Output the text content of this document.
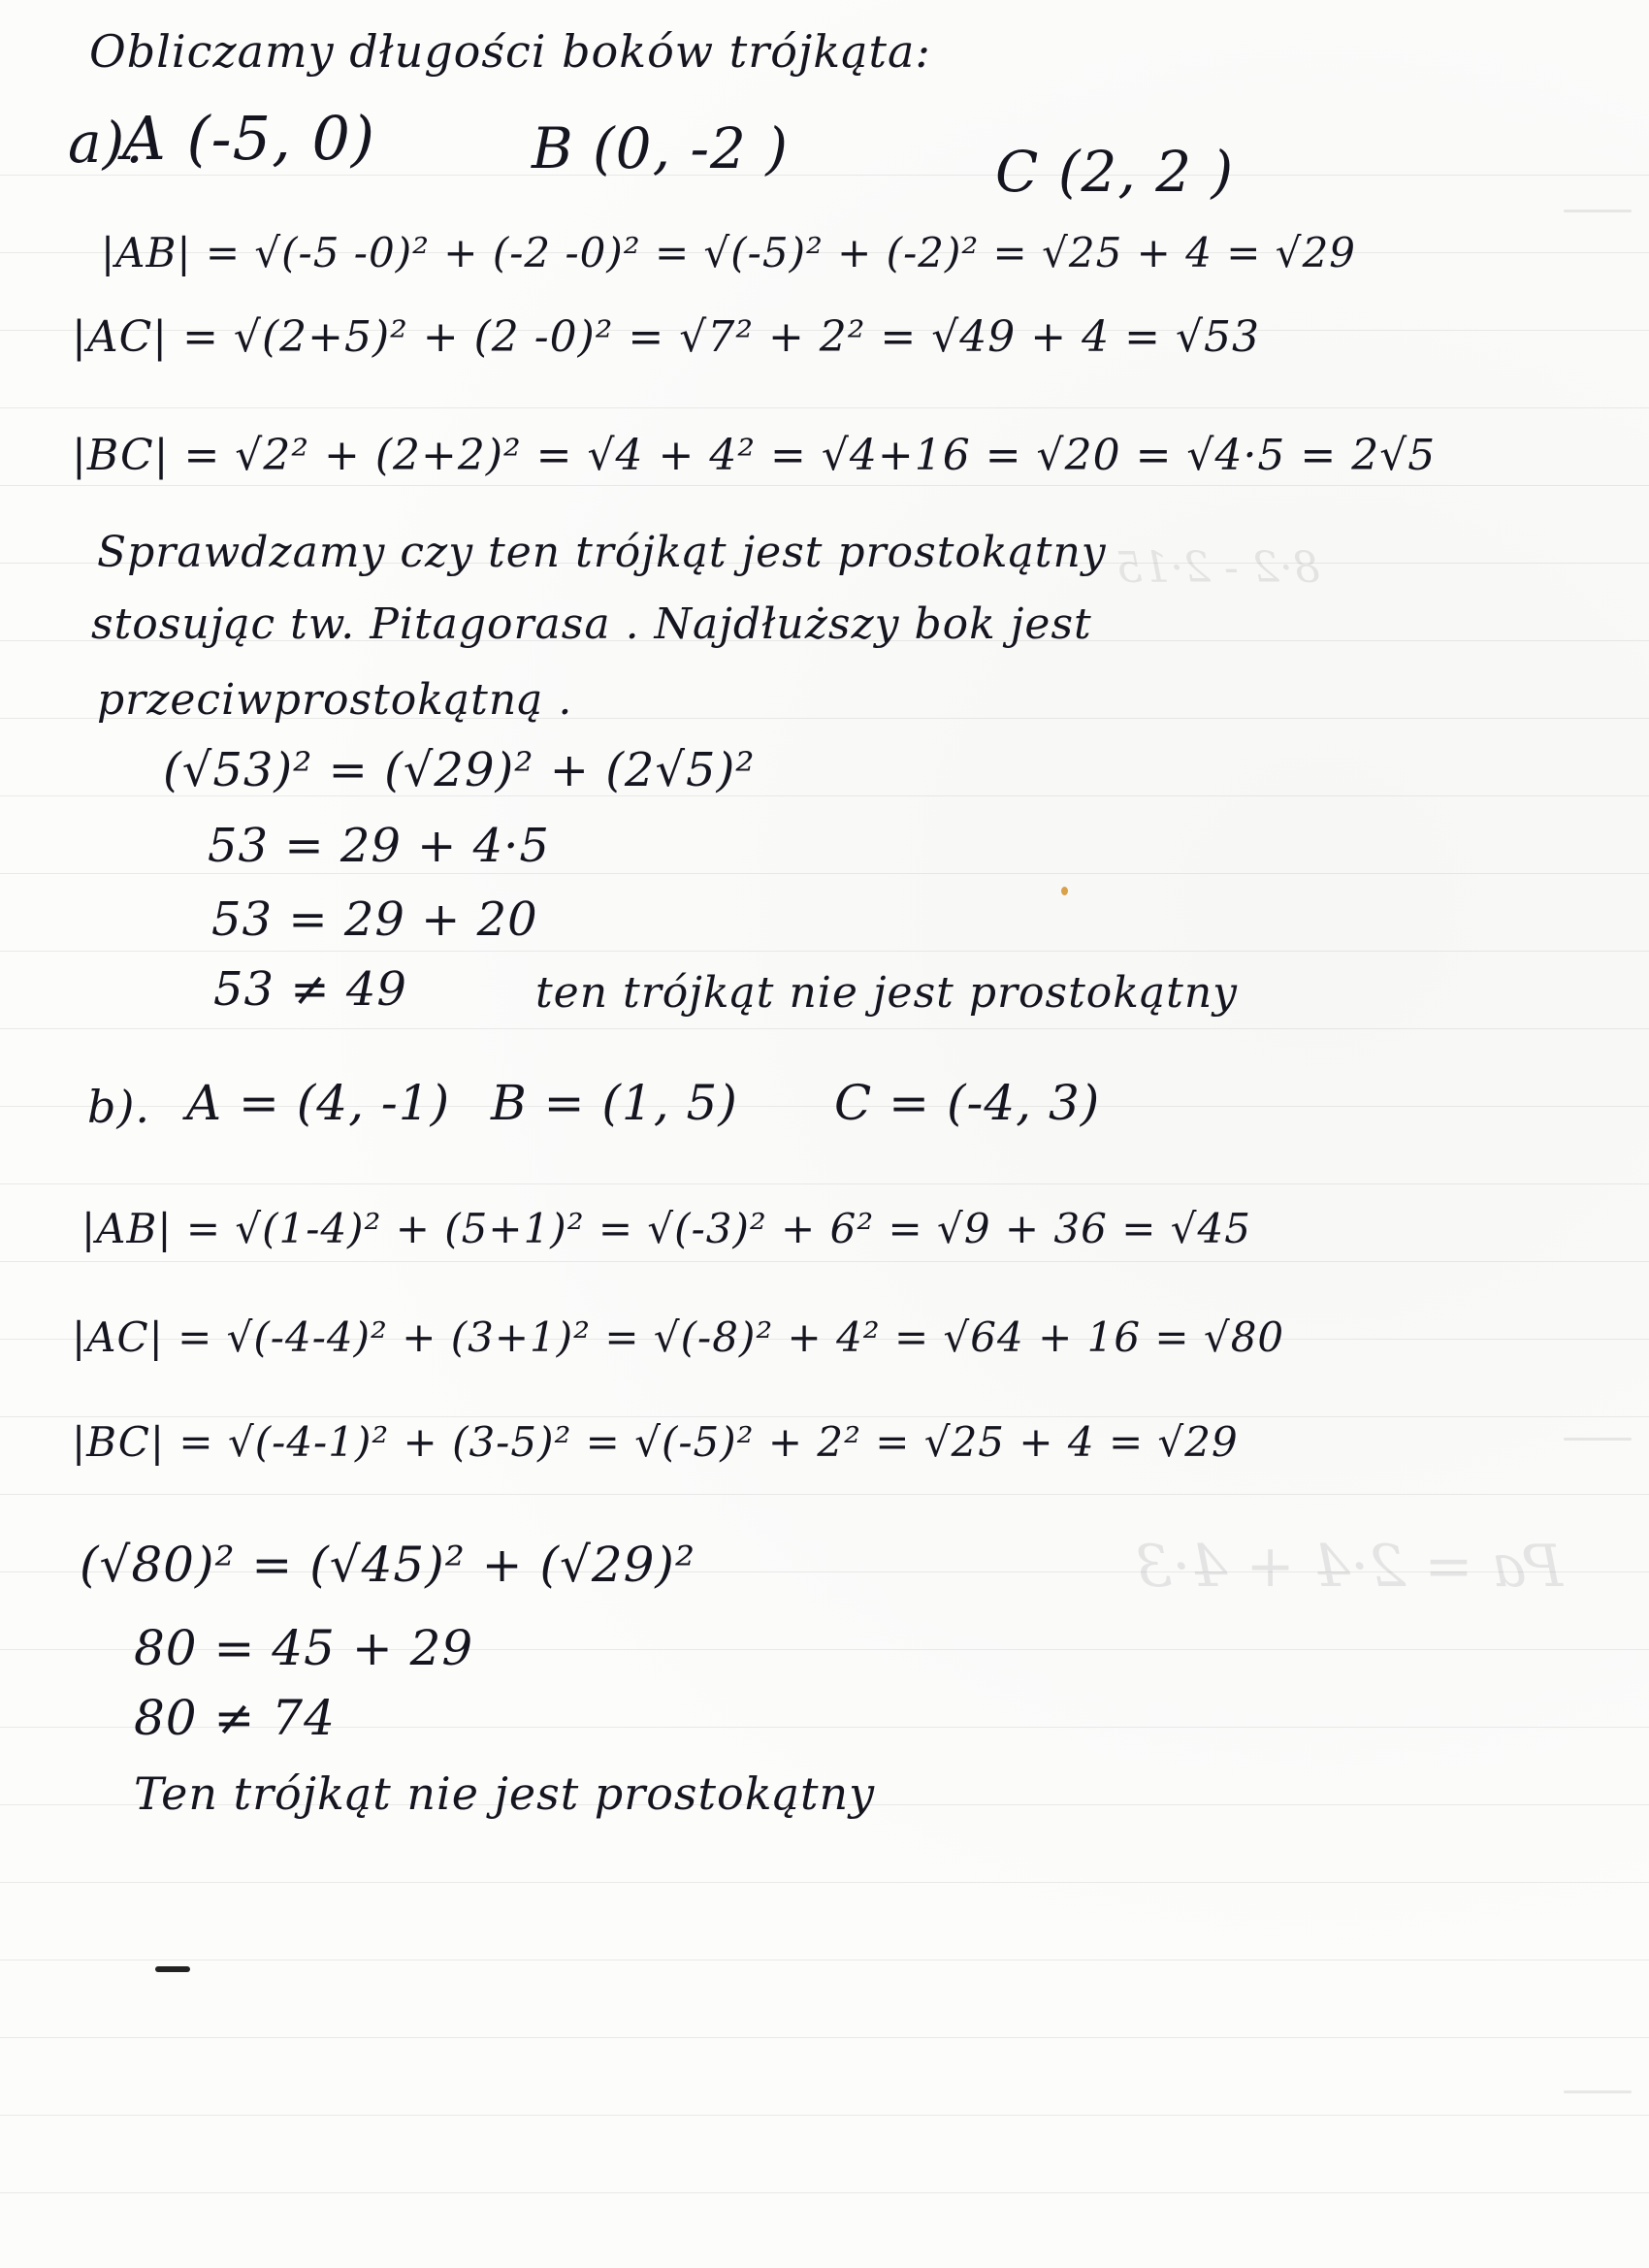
8·2 - 2·15
Pa = 2·4 + 4·3
Obliczamy długości boków trójkąta:
a).
A (-5, 0)	B (0, -2 )	C (2, 2 )
|AB| = √(-5 -0)² + (-2 -0)² = √(-5)² + (-2)² = √25 + 4 = √29
|AC| = √(2+5)² + (2 -0)² = √7² + 2² = √49 + 4 = √53
|BC| = √2² + (2+2)² = √4 + 4² = √4+16 = √20 = √4·5 = 2√5
Sprawdzamy czy ten trójkąt jest prostokątny
stosując tw. Pitagorasa . Najdłuższy bok jest
przeciwprostokątną .
(√53)² = (√29)² + (2√5)²
53 = 29 + 4·5
53 = 29 + 20
53 ≠ 49	ten trójkąt nie jest prostokątny
b). A = (4, -1) B = (1, 5) C = (-4, 3)
|AB| = √(1-4)² + (5+1)² = √(-3)² + 6² = √9 + 36 = √45
|AC| = √(-4-4)² + (3+1)² = √(-8)² + 4² = √64 + 16 = √80
|BC| = √(-4-1)² + (3-5)² = √(-5)² + 2² = √25 + 4 = √29
(√80)² = (√45)² + (√29)²
80 = 45 + 29
80 ≠ 74
Ten trójkąt nie jest prostokątny
